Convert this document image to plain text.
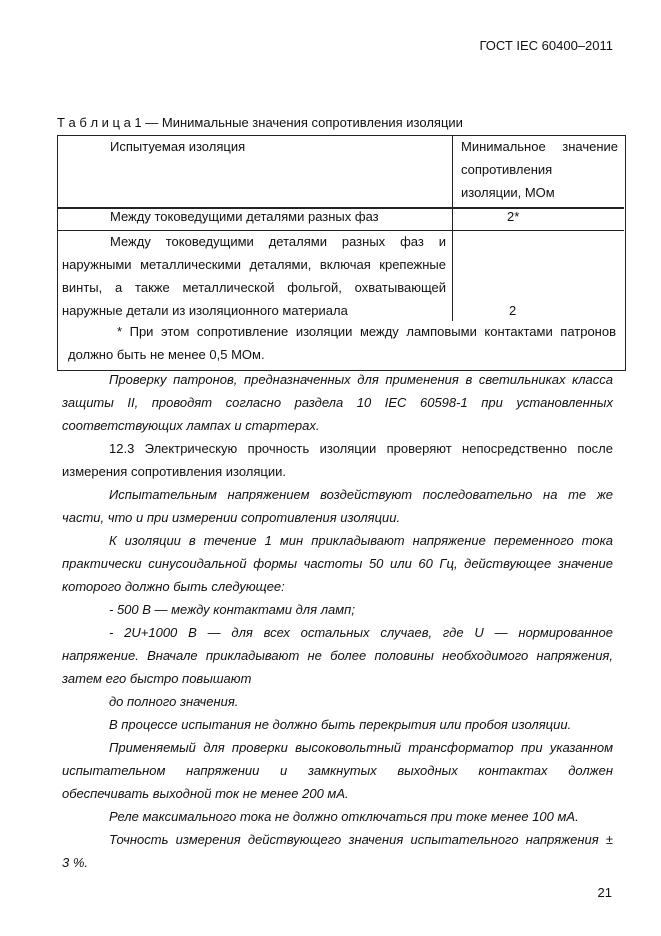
ГОСТ IEC 60400–2011
Т а б л и ц а 1 — Минимальные значения сопротивления изоляции
Испытуемая изоляция	Минимальное значение
сопротивления
изоляции, МОм
Между токоведущими деталями разных фаз	2*
Между токоведущими деталями разных фаз и
наружными металлическими деталями, включая крепежные
винты, а также металлической фольгой, охватывающей
наружные детали из изоляционного материала	2
* При этом сопротивление изоляции между ламповыми контактами патронов
должно быть не менее 0,5 МОм.
Проверку патронов, предназначенных для применения в светильниках класса
защиты II, проводят согласно раздела 10 IEC 60598-1 при установленных
соответствующих лампах и стартерах.
12.3 Электрическую прочность изоляции проверяют непосредственно после
измерения сопротивления изоляции.
Испытательным напряжением воздействуют последовательно на те же
части, что и при измерении сопротивления изоляции.
К изоляции в течение 1 мин прикладывают напряжение переменного тока
практически синусоидальной формы частоты 50 или 60 Гц, действующее значение
которого должно быть следующее:
- 500 В — между контактами для ламп;
- 2U+1000 В — для всех остальных случаев, где U — нормированное
напряжение. Вначале прикладывают не более половины необходимого напряжения,
затем его быстро повышают
до полного значения.
В процессе испытания не должно быть перекрытия или пробоя изоляции.
Применяемый для проверки высоковольтный трансформатор при указанном
испытательном напряжении и замкнутых выходных контактах должен
обеспечивать выходной ток не менее 200 мА.
Реле максимального тока не должно отключаться при токе менее 100 мА.
Точность измерения действующего значения испытательного напряжения ±
3 %.
21
